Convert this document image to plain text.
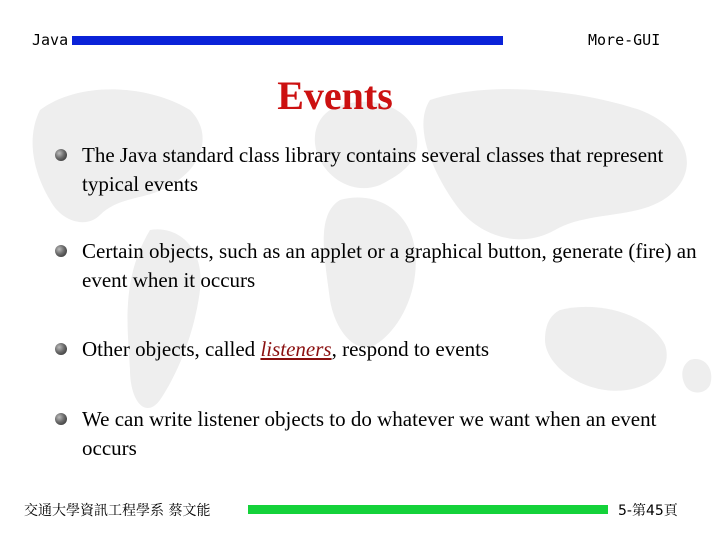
Java	More-GUI
Events
The Java standard class library contains several classes that represent typical events
Certain objects, such as an applet or a graphical button, generate (fire) an event when it occurs
Other objects, called listeners, respond to events
We can write listener objects to do whatever we want when an event occurs
交通大學資訊工程學系 蔡文能	5-第45頁
